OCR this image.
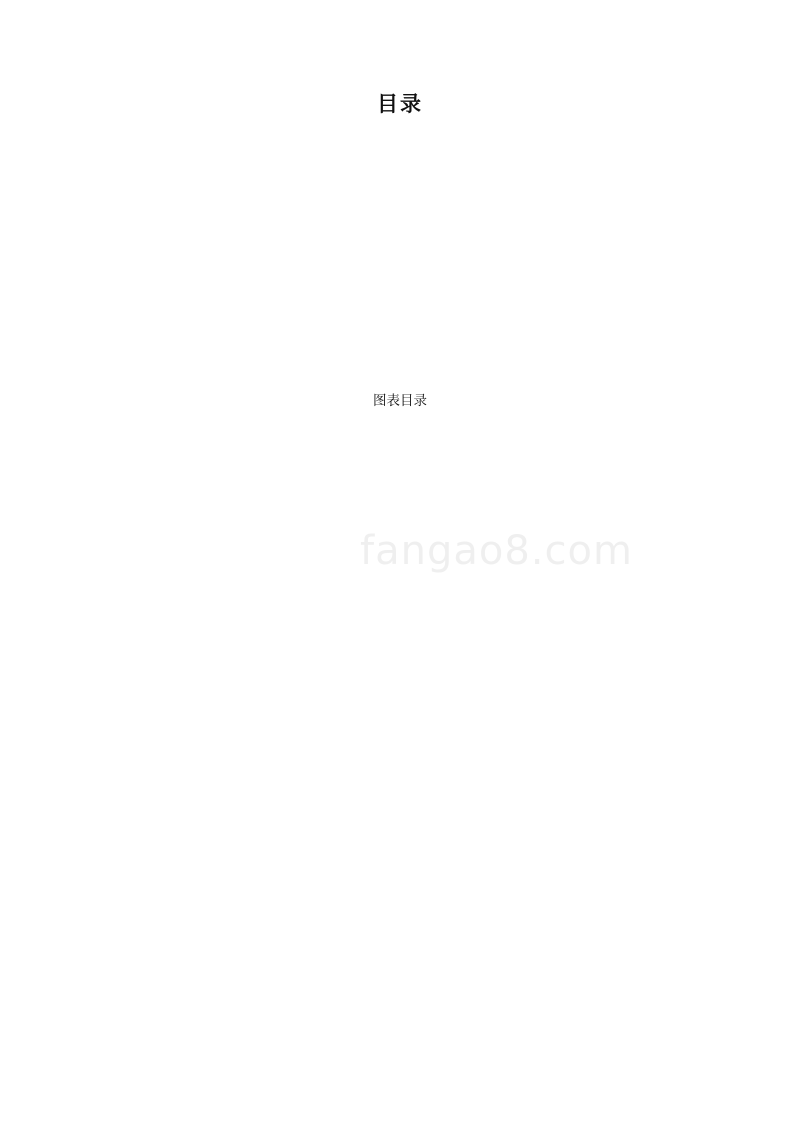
目录
图表目录
fangao8.com
